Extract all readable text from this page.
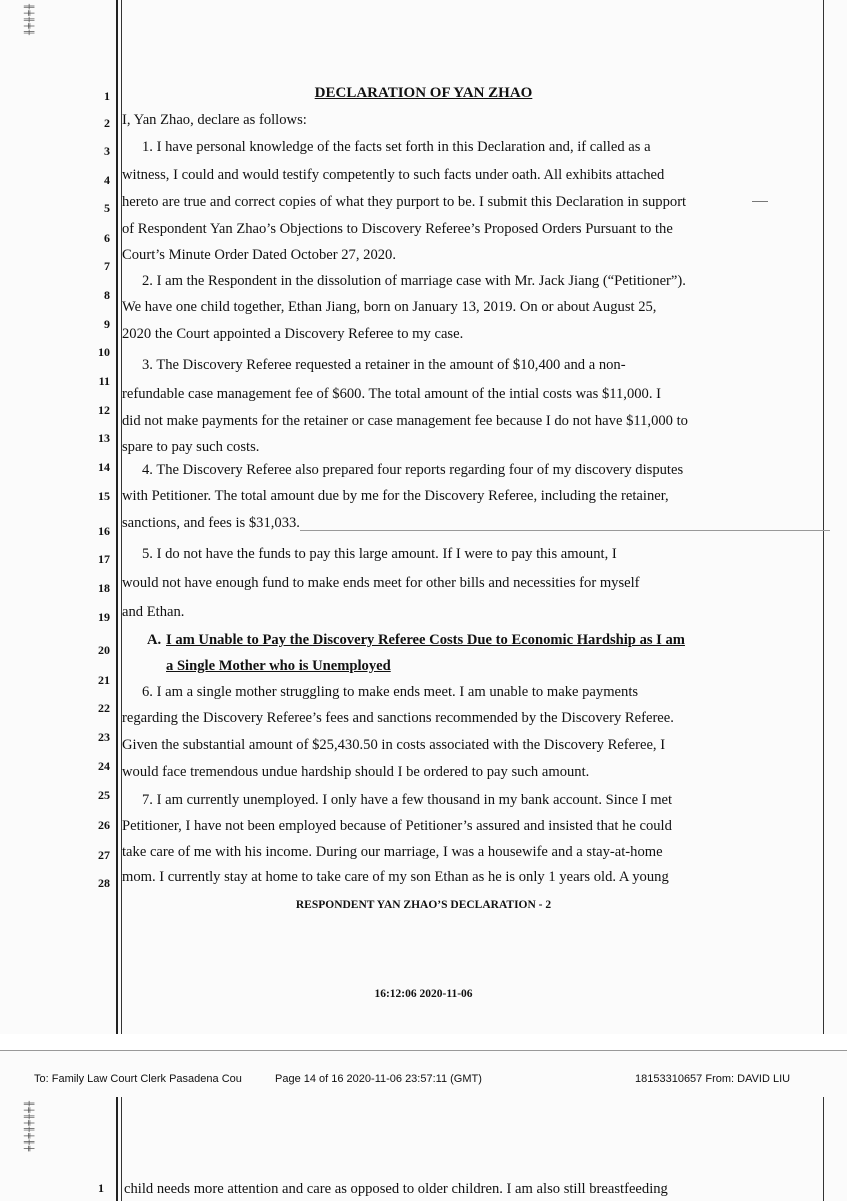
╫╪╫╪╫
DECLARATION OF YAN ZHAO
1
2
3
4
5
6
7
8
9
10
11
12
13
14
15
16
17
18
19
20
21
22
23
24
25
26
27
28
I, Yan Zhao, declare as follows:
1. I have personal knowledge of the facts set forth in this Declaration and, if called as a
witness, I could and would testify competently to such facts under oath. All exhibits attached
hereto are true and correct copies of what they purport to be. I submit this Declaration in support
of Respondent Yan Zhao’s Objections to Discovery Referee’s Proposed Orders Pursuant to the
Court’s Minute Order Dated October 27, 2020.
2. I am the Respondent in the dissolution of marriage case with Mr. Jack Jiang (“Petitioner”).
We have one child together, Ethan Jiang, born on January 13, 2019. On or about August 25,
2020 the Court appointed a Discovery Referee to my case.
3. The Discovery Referee requested a retainer in the amount of $10,400 and a non-
refundable case management fee of $600. The total amount of the intial costs was $11,000. I
did not make payments for the retainer or case management fee because I do not have $11,000 to
spare to pay such costs.
4. The Discovery Referee also prepared four reports regarding four of my discovery disputes
with Petitioner. The total amount due by me for the Discovery Referee, including the retainer,
sanctions, and fees is $31,033.
5. I do not have the funds to pay this large amount. If I were to pay this amount, I
would not have enough fund to make ends meet for other bills and necessities for myself
and Ethan.
A. I am Unable to Pay the Discovery Referee Costs Due to Economic Hardship as I am
a Single Mother who is Unemployed
6. I am a single mother struggling to make ends meet. I am unable to make payments
regarding the Discovery Referee’s fees and sanctions recommended by the Discovery Referee.
Given the substantial amount of $25,430.50 in costs associated with the Discovery Referee, I
would face tremendous undue hardship should I be ordered to pay such amount.
7. I am currently unemployed. I only have a few thousand in my bank account. Since I met
Petitioner, I have not been employed because of Petitioner’s assured and insisted that he could
take care of me with his income. During our marriage, I was a housewife and a stay-at-home
mom. I currently stay at home to take care of my son Ethan as he is only 1 years old. A young
RESPONDENT YAN ZHAO’S DECLARATION - 2
16:12:06 2020-11-06
╫╪╫╪╫╪╫╪
To: Family Law Court Clerk Pasadena Cou	Page 14 of 16 2020-11-06 23:57:11 (GMT)	18153310657 From: DAVID LIU
1 child needs more attention and care as opposed to older children. I am also still breastfeeding
